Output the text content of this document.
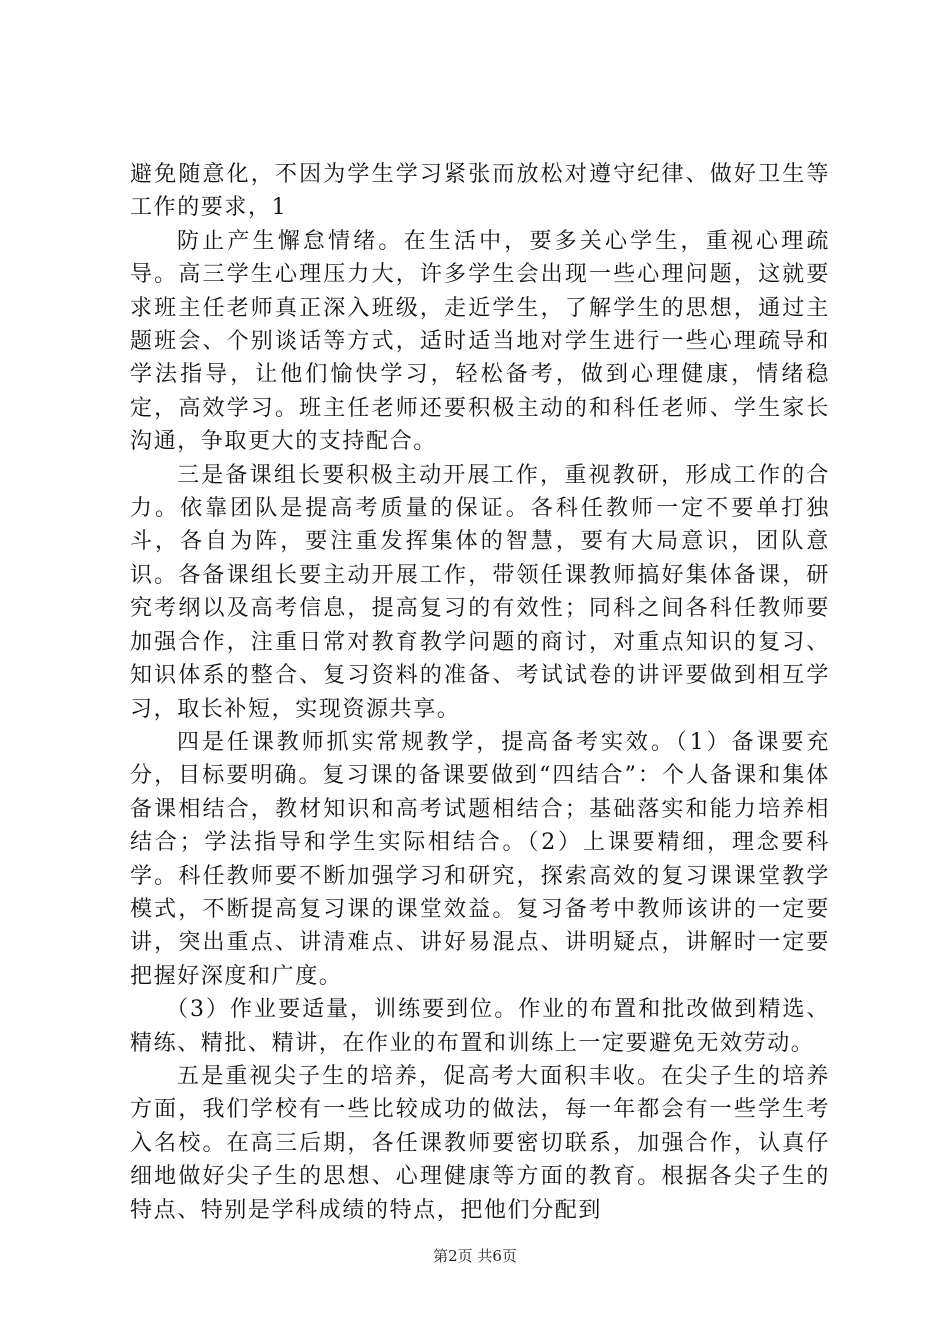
避免随意化，不因为学生学习紧张而放松对遵守纪律、做好卫生等工作的要求，1

防止产生懈怠情绪。在生活中，要多关心学生，重视心理疏导。高三学生心理压力大，许多学生会出现一些心理问题，这就要求班主任老师真正深入班级，走近学生，了解学生的思想，通过主题班会、个别谈话等方式，适时适当地对学生进行一些心理疏导和学法指导，让他们愉快学习，轻松备考，做到心理健康，情绪稳定，高效学习。班主任老师还要积极主动的和科任老师、学生家长沟通，争取更大的支持配合。

三是备课组长要积极主动开展工作，重视教研，形成工作的合力。依靠团队是提高考质量的保证。各科任教师一定不要单打独斗，各自为阵，要注重发挥集体的智慧，要有大局意识，团队意识。各备课组长要主动开展工作，带领任课教师搞好集体备课，研究考纲以及高考信息，提高复习的有效性；同科之间各科任教师要加强合作，注重日常对教育教学问题的商讨，对重点知识的复习、知识体系的整合、复习资料的准备、考试试卷的讲评要做到相互学习，取长补短，实现资源共享。

四是任课教师抓实常规教学，提高备考实效。（1）备课要充分，目标要明确。复习课的备课要做到“四结合”：个人备课和集体备课相结合，教材知识和高考试题相结合；基础落实和能力培养相结合；学法指导和学生实际相结合。（2）上课要精细，理念要科学。科任教师要不断加强学习和研究，探索高效的复习课课堂教学模式，不断提高复习课的课堂效益。复习备考中教师该讲的一定要讲，突出重点、讲清难点、讲好易混点、讲明疑点，讲解时一定要把握好深度和广度。

（3）作业要适量，训练要到位。作业的布置和批改做到精选、精练、精批、精讲，在作业的布置和训练上一定要避免无效劳动。

五是重视尖子生的培养，促高考大面积丰收。在尖子生的培养方面，我们学校有一些比较成功的做法，每一年都会有一些学生考入名校。在高三后期，各任课教师要密切联系，加强合作，认真仔细地做好尖子生的思想、心理健康等方面的教育。根据各尖子生的特点、特别是学科成绩的特点，把他们分配到

第2页 共6页
